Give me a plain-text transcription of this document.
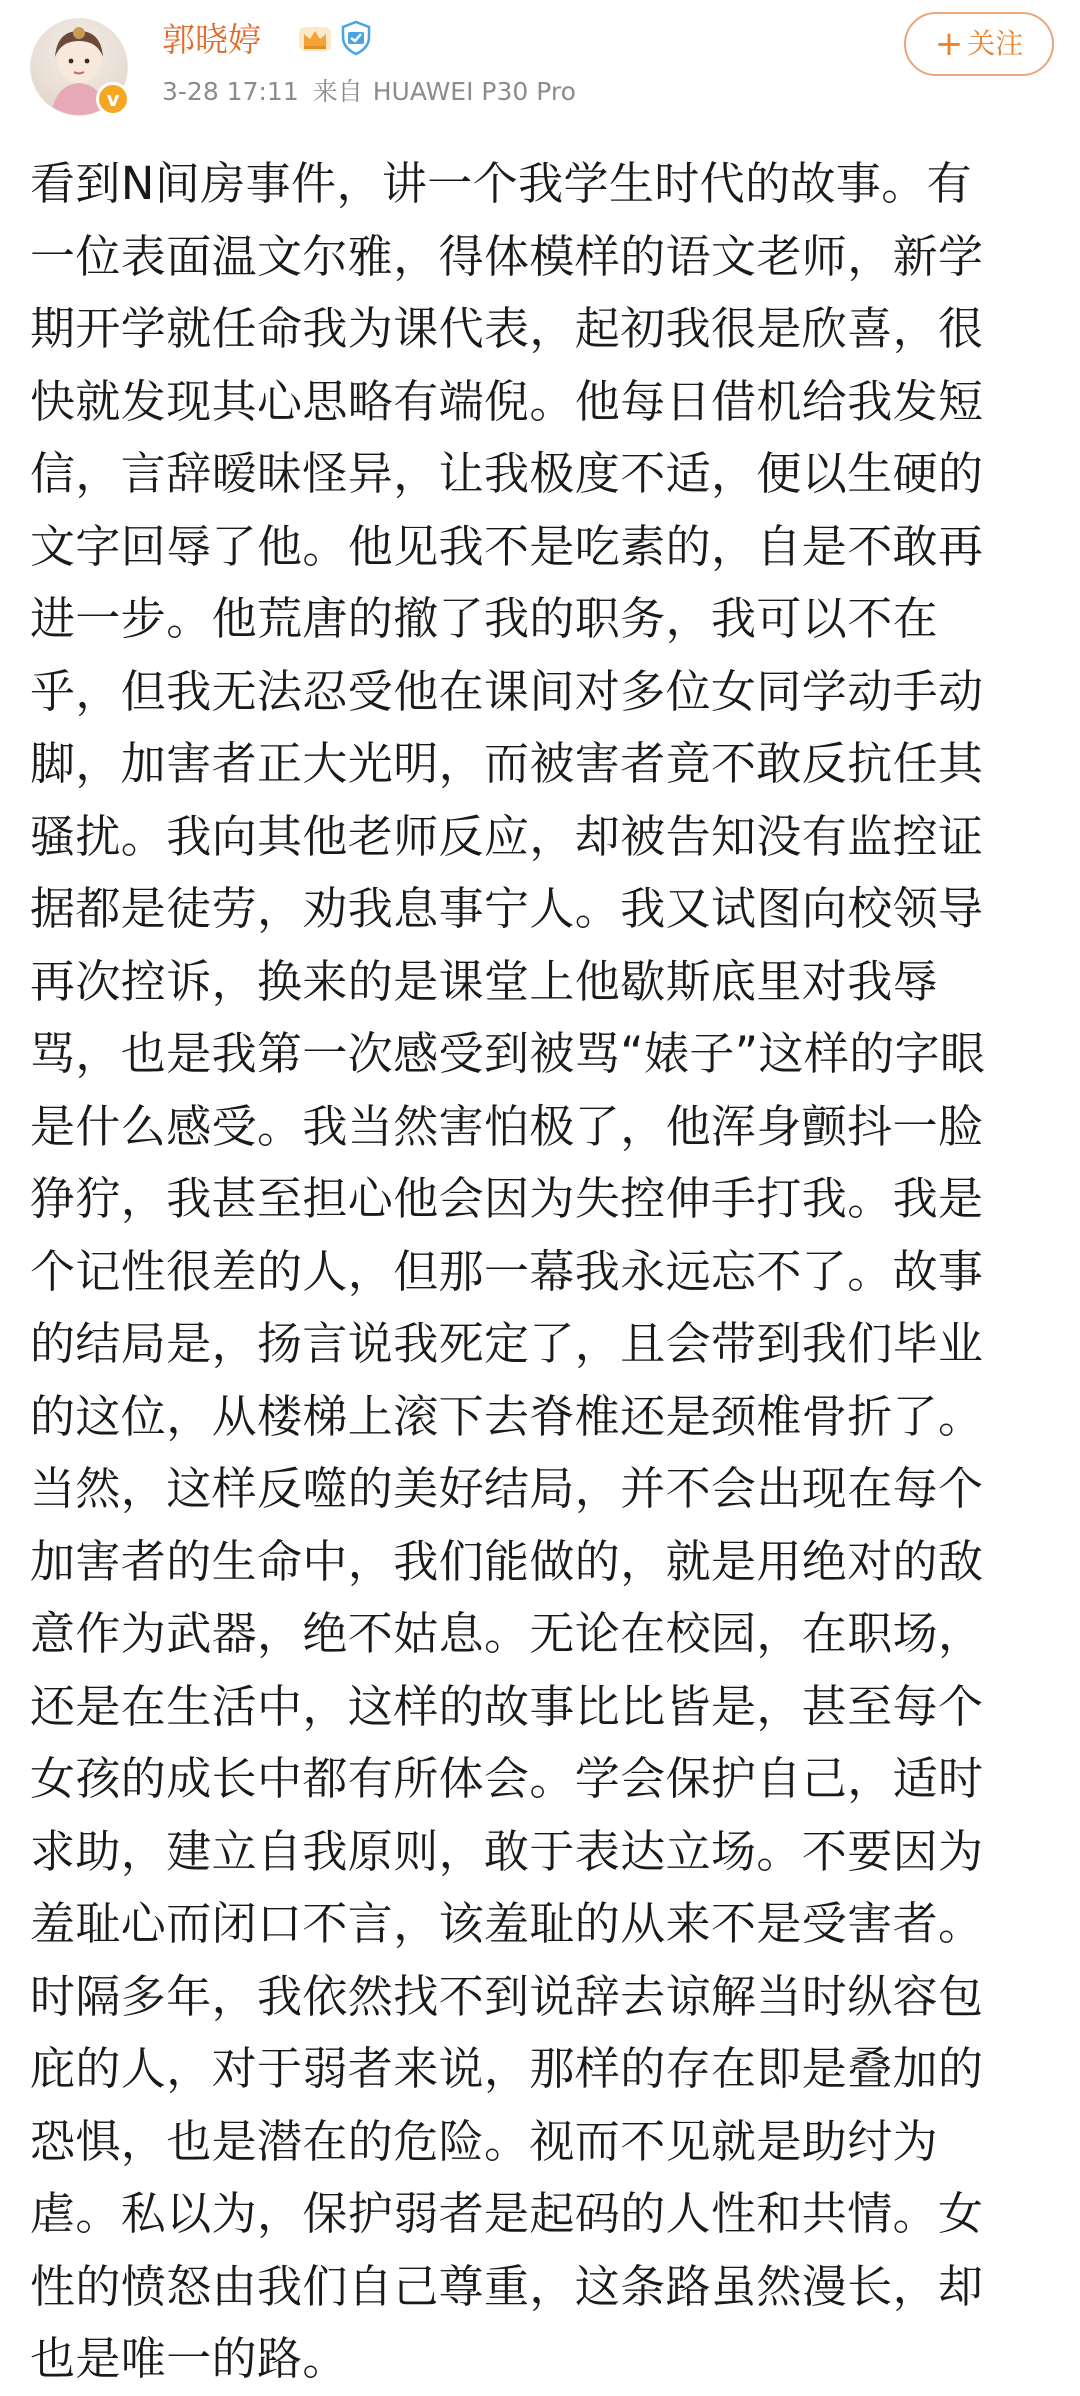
v
郭晓婷
3-28 17:11 来自 HUAWEI P30 Pro
+ 关注
看到N间房事件，讲一个我学生时代的故事。有
一位表面温文尔雅，得体模样的语文老师，新学
期开学就任命我为课代表，起初我很是欣喜，很
快就发现其心思略有端倪。他每日借机给我发短
信，言辞暧昧怪异，让我极度不适，便以生硬的
文字回辱了他。他见我不是吃素的，自是不敢再
进一步。他荒唐的撤了我的职务，我可以不在
乎，但我无法忍受他在课间对多位女同学动手动
脚，加害者正大光明，而被害者竟不敢反抗任其
骚扰。我向其他老师反应，却被告知没有监控证
据都是徒劳，劝我息事宁人。我又试图向校领导
再次控诉，换来的是课堂上他歇斯底里对我辱
骂，也是我第一次感受到被骂“婊子”这样的字眼
是什么感受。我当然害怕极了，他浑身颤抖一脸
狰狞，我甚至担心他会因为失控伸手打我。我是
个记性很差的人，但那一幕我永远忘不了。故事
的结局是，扬言说我死定了，且会带到我们毕业
的这位，从楼梯上滚下去脊椎还是颈椎骨折了。
当然，这样反噬的美好结局，并不会出现在每个
加害者的生命中，我们能做的，就是用绝对的敌
意作为武器，绝不姑息。无论在校园，在职场，
还是在生活中，这样的故事比比皆是，甚至每个
女孩的成长中都有所体会。学会保护自己，适时
求助，建立自我原则，敢于表达立场。不要因为
羞耻心而闭口不言，该羞耻的从来不是受害者。
时隔多年，我依然找不到说辞去谅解当时纵容包
庇的人，对于弱者来说，那样的存在即是叠加的
恐惧，也是潜在的危险。视而不见就是助纣为
虐。私以为，保护弱者是起码的人性和共情。女
性的愤怒由我们自己尊重，这条路虽然漫长，却
也是唯一的路。
